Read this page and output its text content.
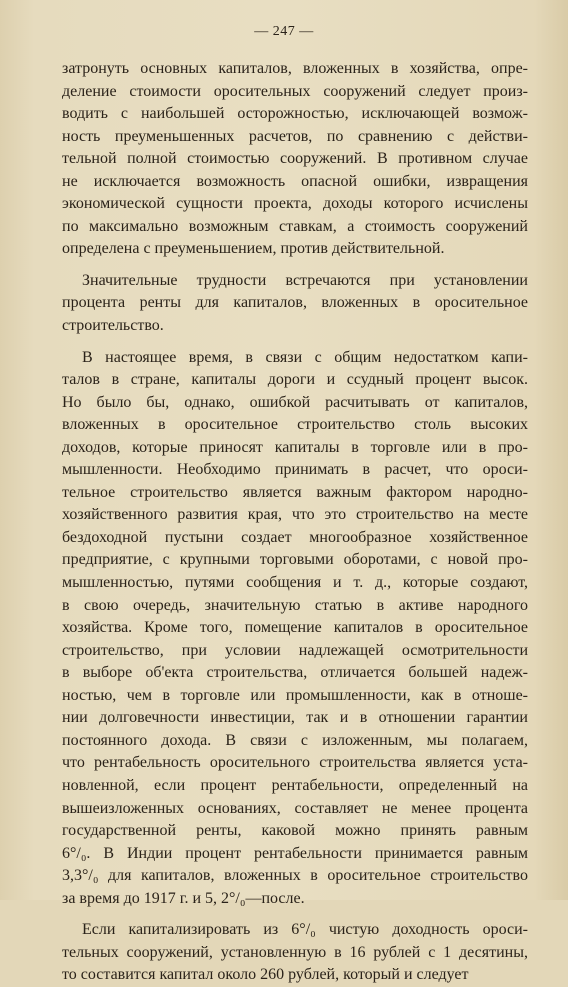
— 247 —
затронуть основных капиталов, вложенных в хозяйства, опре-
деление стоимости оросительных сооружений следует произ-
водить с наибольшей осторожностью, исключающей возмож-
ность преуменьшенных расчетов, по сравнению с действи-
тельной полной стоимостью сооружений. В противном случае
не исключается возможность опасной ошибки, извращения
экономической сущности проекта, доходы которого исчислены
по максимально возможным ставкам, а стоимость сооружений
определена с преуменьшением, против действительной.
Значительные трудности встречаются при установлении
процента ренты для капиталов, вложенных в оросительное
строительство.
В настоящее время, в связи с общим недостатком капи-
талов в стране, капиталы дороги и ссудный процент высок.
Но было бы, однако, ошибкой расчитывать от капиталов,
вложенных в оросительное строительство столь высоких
доходов, которые приносят капиталы в торговле или в про-
мышленности. Необходимо принимать в расчет, что ороси-
тельное строительство является важным фактором народно-
хозяйственного развития края, что это строительство на месте
бездоходной пустыни создает многообразное хозяйственное
предприятие, с крупными торговыми оборотами, с новой про-
мышленностью, путями сообщения и т. д., которые создают,
в свою очередь, значительную статью в активе народного
хозяйства. Кроме того, помещение капиталов в оросительное
строительство, при условии надлежащей осмотрительности
в выборе об'екта строительства, отличается большей надеж-
ностью, чем в торговле или промышленности, как в отноше-
нии долговечности инвестиции, так и в отношении гарантии
постоянного дохода. В связи с изложенным, мы полагаем,
что рентабельность оросительного строительства является уста-
новленной, если процент рентабельности, определенный на
вышеизложенных основаниях, составляет не менее процента
государственной ренты, каковой можно принять равным
6°/₀. В Индии процент рентабельности принимается равным
3,3°/₀ для капиталов, вложенных в оросительное строительство
за время до 1917 г. и 5, 2°/₀—после.
Если капитализировать из 6°/₀ чистую доходность ороси-
тельных сооружений, установленную в 16 рублей с 1 десятины,
то составится капитал около 260 рублей, который и следует
